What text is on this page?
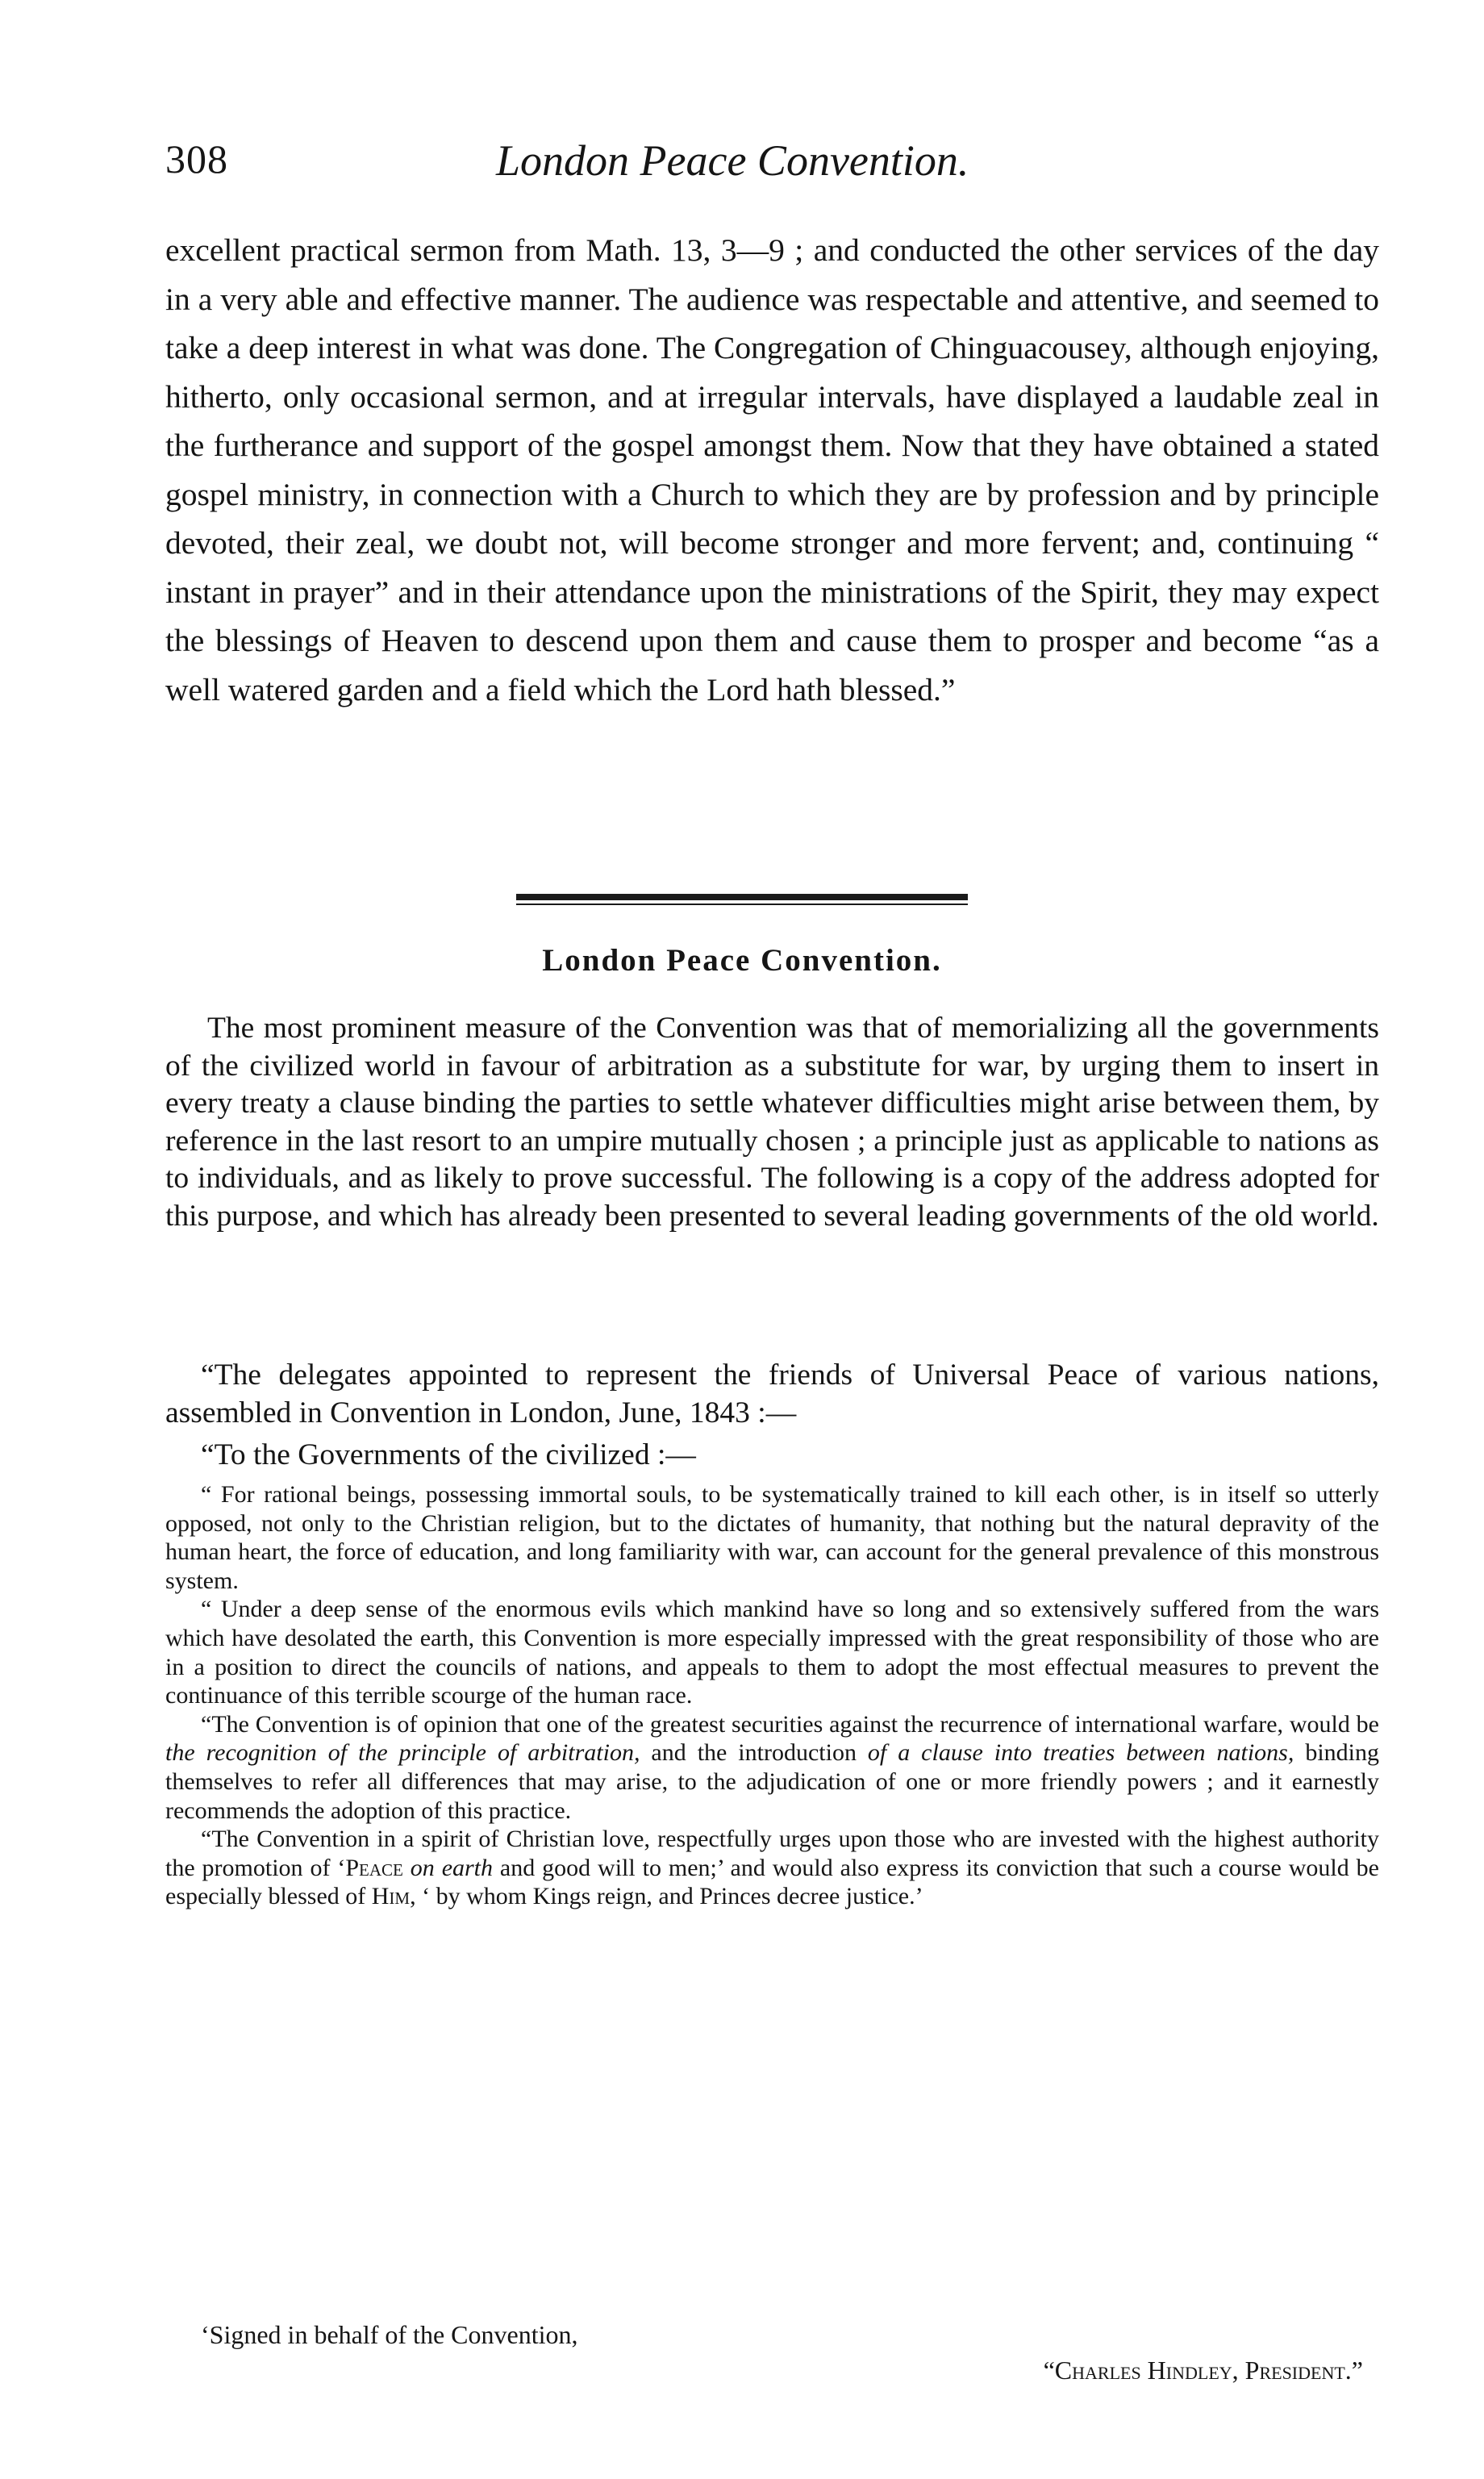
308	London Peace Convention.

excellent practical sermon from Math. 13, 3—9 ; and conducted the other services of the day in a very able and effective manner. The audience was respectable and attentive, and seemed to take a deep interest in what was done. The Congregation of Chinguacousey, although enjoying, hitherto, only occasional sermon, and at irregular intervals, have displayed a laudable zeal in the furtherance and support of the gospel amongst them. Now that they have obtained a stated gospel ministry, in connection with a Church to which they are by profession and by principle devoted, their zeal, we doubt not, will become stronger and more fervent; and, continuing “ instant in prayer” and in their attendance upon the ministrations of the Spirit, they may expect the blessings of Heaven to descend upon them and cause them to prosper and become “as a well watered garden and a field which the Lord hath blessed.”

London Peace Convention.

The most prominent measure of the Convention was that of memorializing all the governments of the civilized world in favour of arbitration as a substitute for war, by urging them to insert in every treaty a clause binding the parties to settle whatever difficulties might arise between them, by reference in the last resort to an umpire mutually chosen ; a principle just as applicable to nations as to individuals, and as likely to prove successful. The following is a copy of the address adopted for this purpose, and which has already been presented to several leading governments of the old world.

“The delegates appointed to represent the friends of Universal Peace of various nations, assembled in Convention in London, June, 1843 :—

“To the Governments of the civilized :—

“ For rational beings, possessing immortal souls, to be systematically trained to kill each other, is in itself so utterly opposed, not only to the Christian religion, but to the dictates of humanity, that nothing but the natural depravity of the human heart, the force of education, and long familiarity with war, can account for the general prevalence of this monstrous system.

“ Under a deep sense of the enormous evils which mankind have so long and so extensively suffered from the wars which have desolated the earth, this Convention is more especially impressed with the great responsibility of those who are in a position to direct the councils of nations, and appeals to them to adopt the most effectual measures to prevent the continuance of this terrible scourge of the human race.

“The Convention is of opinion that one of the greatest securities against the recurrence of international warfare, would be the recognition of the principle of arbitration, and the introduction of a clause into treaties between nations, binding themselves to refer all differences that may arise, to the adjudication of one or more friendly powers ; and it earnestly recommends the adoption of this practice.

“The Convention in a spirit of Christian love, respectfully urges upon those who are invested with the highest authority the promotion of ‘Peace on earth and good will to men;’ and would also express its conviction that such a course would be especially blessed of Him, ‘ by whom Kings reign, and Princes decree justice.’

‘Signed in behalf of the Convention,

“Charles Hindley, President.”
